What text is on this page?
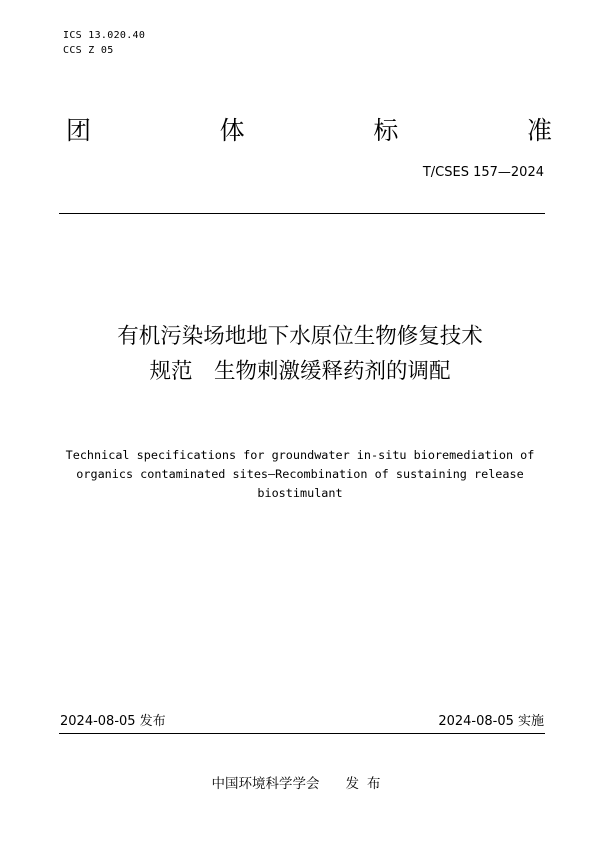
ICS 13.020.40
CCS Z 05
团	体	标	准
T/CSES 157—2024
有机污染场地地下水原位生物修复技术
规范　生物刺激缓释药剂的调配
Technical specifications for groundwater in-situ bioremediation of
organics contaminated sites—Recombination of sustaining release
biostimulant
2024-08-05 发布	2024-08-05 实施
中国环境科学学会 发布
